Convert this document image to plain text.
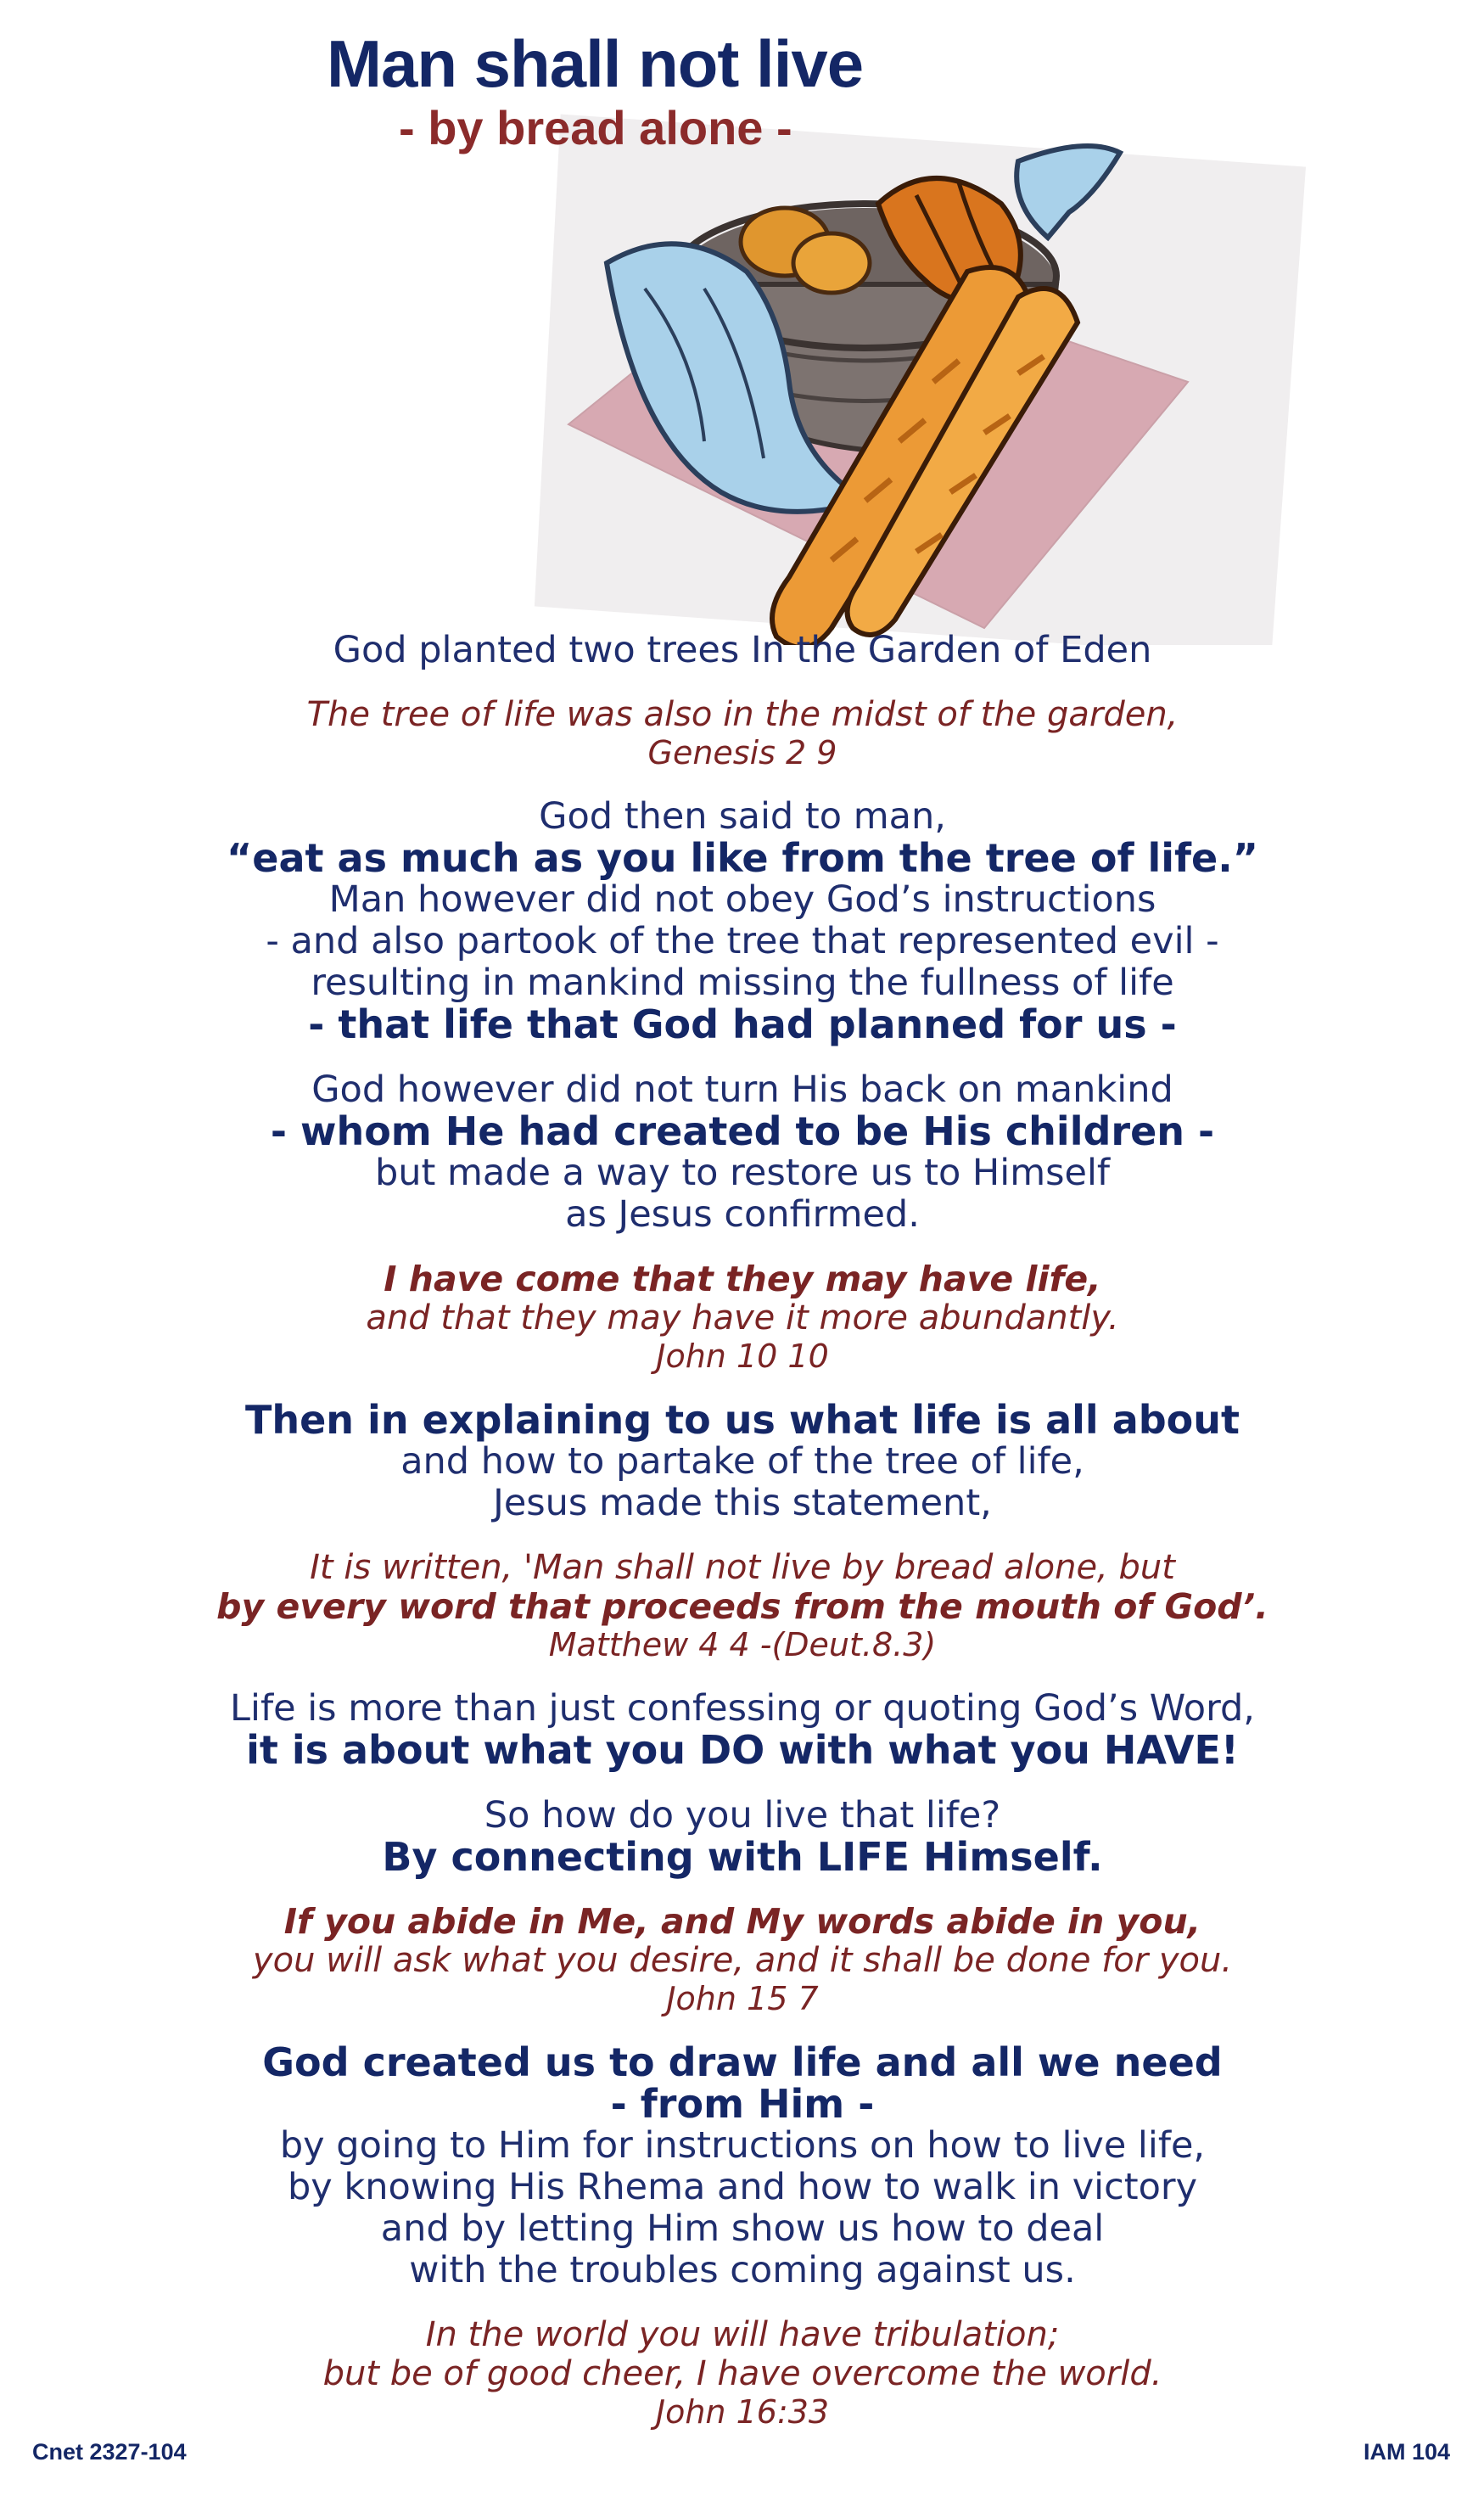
Man shall not live
- by bread alone -
God planted two trees In the Garden of Eden
The tree of life was also in the midst of the garden,
Genesis 2 9
God then said to man,
“eat as much as you like from the tree of life.”
Man however did not obey God’s instructions
- and also partook of the tree that represented evil -
resulting in mankind missing the fullness of life
- that life that God had planned for us -
God however did not turn His back on mankind
- whom He had created to be His children -
but made a way to restore us to Himself
as Jesus confirmed.
I have come that they may have life,
and that they may have it more abundantly.
John 10 10
Then in explaining to us what life is all about
and how to partake of the tree of life,
Jesus made this statement,
It is written, 'Man shall not live by bread alone, but
by every word that proceeds from the mouth of God’.
Matthew 4 4 -(Deut.8.3)
Life is more than just confessing or quoting God’s Word,
it is about what you DO with what you HAVE!
So how do you live that life?
By connecting with LIFE Himself.
If you abide in Me, and My words abide in you,
you will ask what you desire, and it shall be done for you.
John 15 7
God created us to draw life and all we need
- from Him -
by going to Him for instructions on how to live life,
by knowing His Rhema and how to walk in victory
and by letting Him show us how to deal
with the troubles coming against us.
In the world you will have tribulation;
but be of good cheer, I have overcome the world.
John 16:33
Cnet 2327-104	IAM 104
